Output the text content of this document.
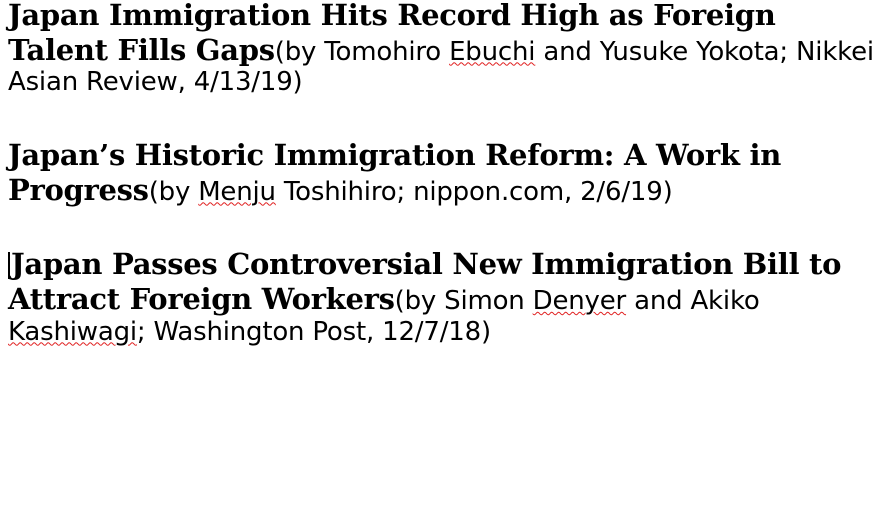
Japan Immigration Hits Record High as Foreign Talent Fills Gaps(by Tomohiro Ebuchi and Yusuke Yokota; Nikkei Asian Review, 4/13/19)

Japan’s Historic Immigration Reform: A Work in Progress(by Menju Toshihiro; nippon.com, 2/6/19)

Japan Passes Controversial New Immigration Bill to Attract Foreign Workers(by Simon Denyer and Akiko Kashiwagi; Washington Post, 12/7/18)
